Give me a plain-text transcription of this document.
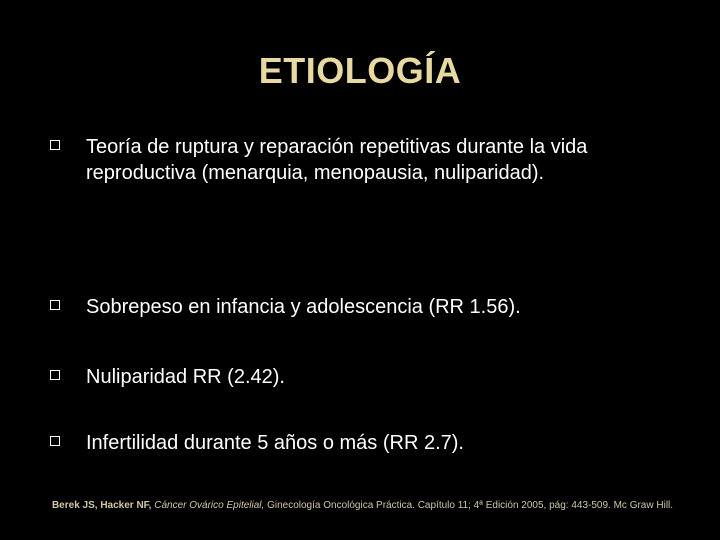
ETIOLOGÍA
Teoría de ruptura y reparación repetitivas durante la vida reproductiva (menarquia, menopausia, nuliparidad).
Sobrepeso en infancia y adolescencia (RR 1.56).
Nuliparidad RR (2.42).
Infertilidad durante 5 años o más (RR 2.7).
Berek JS, Hacker NF, Cáncer Ovárico Epitelial, Ginecología Oncológica Práctica. Capítulo 11; 4ª Edición 2005, pág: 443-509. Mc Graw Hill.
